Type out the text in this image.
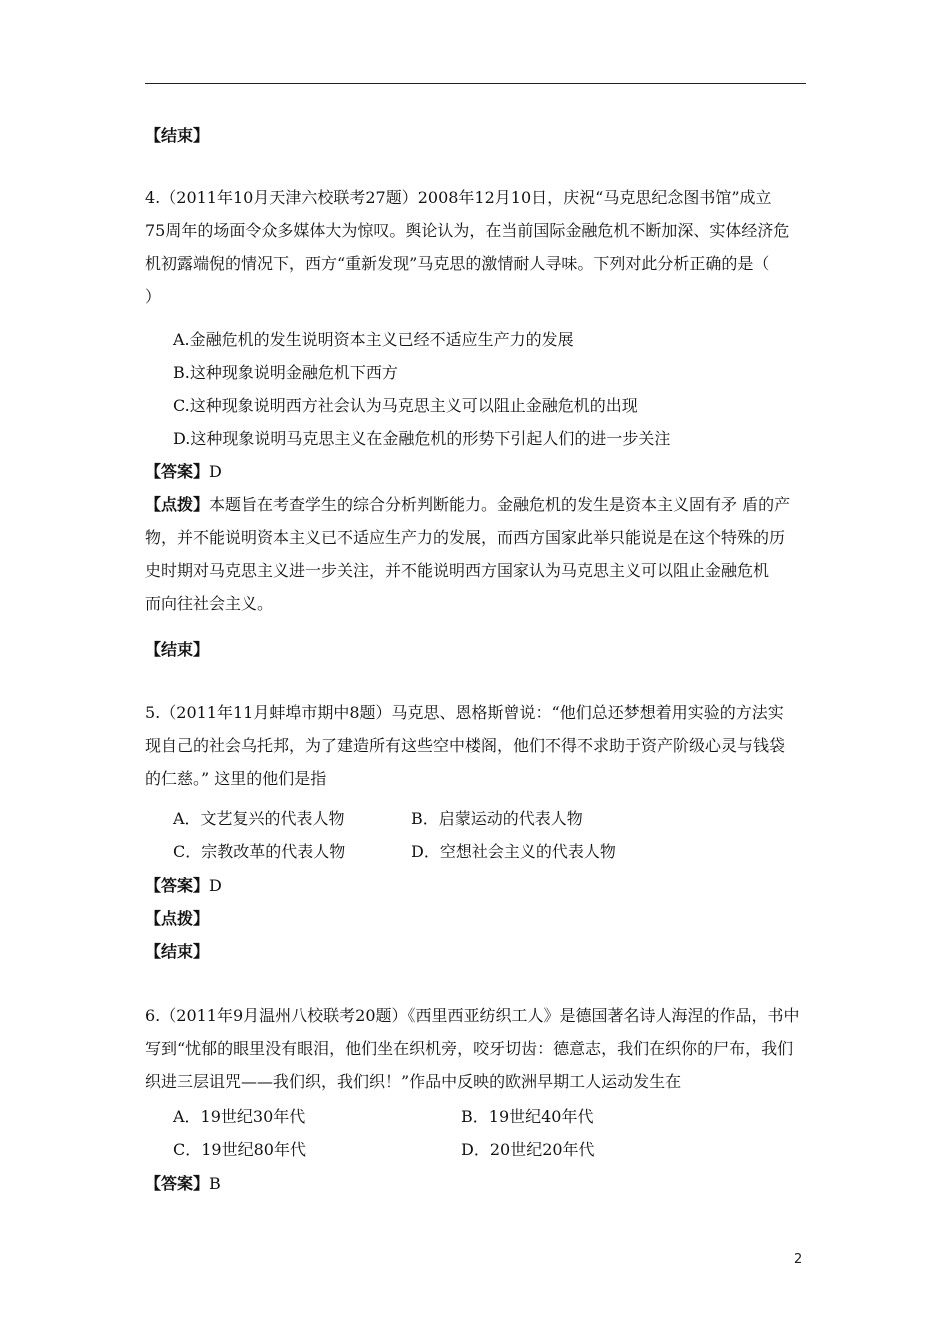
【结束】
4.（2011年10月天津六校联考27题）2008年12月10日，庆祝“马克思纪念图书馆”成立
75周年的场面令众多媒体大为惊叹。舆论认为，在当前国际金融危机不断加深、实体经济危
机初露端倪的情况下，西方“重新发现”马克思的激情耐人寻味。下列对此分析正确的是（
）
A.金融危机的发生说明资本主义已经不适应生产力的发展
B.这种现象说明金融危机下西方
C.这种现象说明西方社会认为马克思主义可以阻止金融危机的出现
D.这种现象说明马克思主义在金融危机的形势下引起人们的进一步关注
【答案】D
【点拨】本题旨在考查学生的综合分析判断能力。金融危机的发生是资本主义固有矛 盾的产
物，并不能说明资本主义已不适应生产力的发展，而西方国家此举只能说是在这个特殊的历
史时期对马克思主义进一步关注，并不能说明西方国家认为马克思主义可以阻止金融危机
而向往社会主义。
【结束】
5.（2011年11月蚌埠市期中8题）马克思、恩格斯曾说：“他们总还梦想着用实验的方法实
现自己的社会乌托邦，为了建造所有这些空中楼阁，他们不得不求助于资产阶级心灵与钱袋
的仁慈。” 这里的他们是指
A．文艺复兴的代表人物	B．启蒙运动的代表人物
C．宗教改革的代表人物	D．空想社会主义的代表人物
【答案】D
【点拨】
【结束】
6.（2011年9月温州八校联考20题）《西里西亚纺织工人》是德国著名诗人海涅的作品，书中
写到“忧郁的眼里没有眼泪，他们坐在织机旁，咬牙切齿：德意志，我们在织你的尸布，我们
织进三层诅咒——我们织，我们织！”作品中反映的欧洲早期工人运动发生在
A．19世纪30年代	B．19世纪40年代
C．19世纪80年代	D．20世纪20年代
【答案】B
2
